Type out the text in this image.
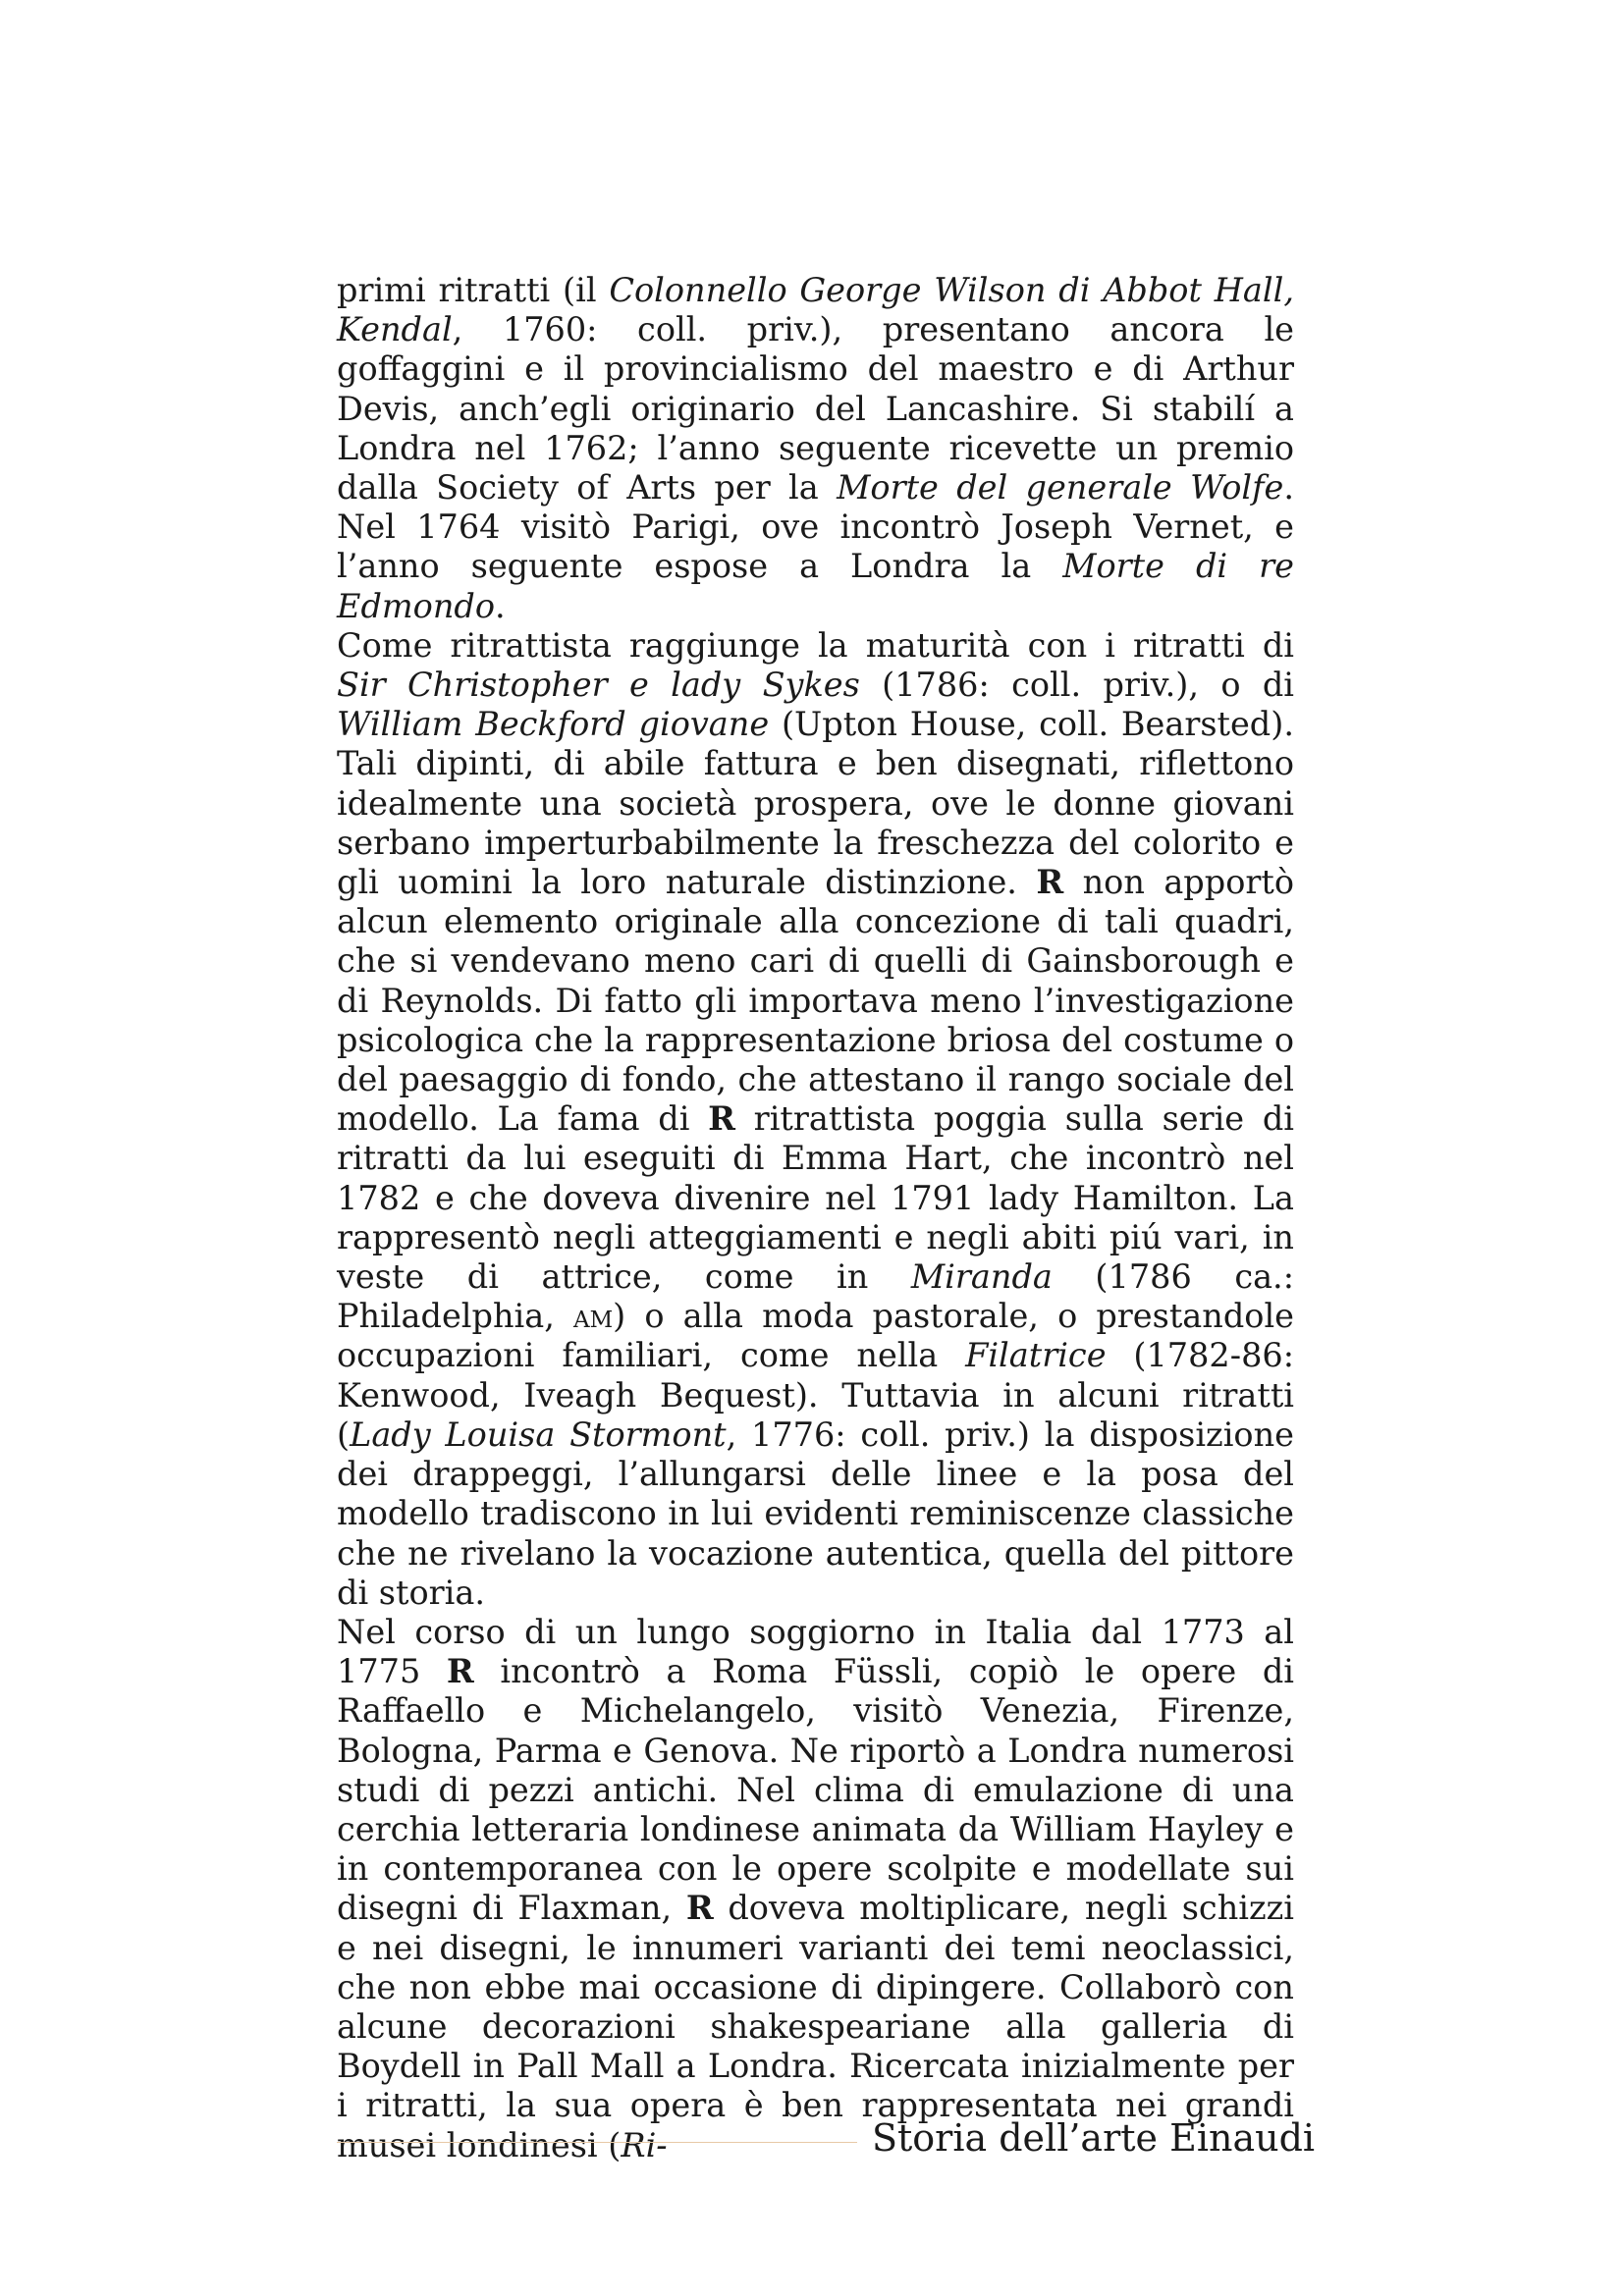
primi ritratti (il Colonnello George Wilson di Abbot Hall, Kendal, 1760: coll. priv.), presentano ancora le goffaggini e il provincialismo del maestro e di Arthur Devis, anch’egli originario del Lancashire. Si stabilí a Londra nel 1762; l’anno seguente ricevette un premio dalla Society of Arts per la Morte del generale Wolfe. Nel 1764 visitò Parigi, ove incontrò Joseph Vernet, e l’anno seguente espose a Londra la Morte di re Edmondo.

Come ritrattista raggiunge la maturità con i ritratti di Sir Christopher e lady Sykes (1786: coll. priv.), o di William Beckford giovane (Upton House, coll. Bearsted). Tali dipinti, di abile fattura e ben disegnati, riflettono idealmente una società prospera, ove le donne giovani serbano imperturbabilmente la freschezza del colorito e gli uomini la loro naturale distinzione. R non apportò alcun elemento originale alla concezione di tali quadri, che si vendevano meno cari di quelli di Gainsborough e di Reynolds. Di fatto gli importava meno l’investigazione psicologica che la rappresentazione briosa del costume o del paesaggio di fondo, che attestano il rango sociale del modello. La fama di R ritrattista poggia sulla serie di ritratti da lui eseguiti di Emma Hart, che incontrò nel 1782 e che doveva divenire nel 1791 lady Hamilton. La rappresentò negli atteggiamenti e negli abiti piú vari, in veste di attrice, come in Miranda (1786 ca.: Philadelphia, am) o alla moda pastorale, o prestandole occupazioni familiari, come nella Filatrice (1782-86: Kenwood, Iveagh Bequest). Tuttavia in alcuni ritratti (Lady Louisa Stormont, 1776: coll. priv.) la disposizione dei drappeggi, l’allungarsi delle linee e la posa del modello tradiscono in lui evidenti reminiscenze classiche che ne rivelano la vocazione autentica, quella del pittore di storia.

Nel corso di un lungo soggiorno in Italia dal 1773 al 1775 R incontrò a Roma Füssli, copiò le opere di Raffaello e Michelangelo, visitò Venezia, Firenze, Bologna, Parma e Genova. Ne riportò a Londra numerosi studi di pezzi antichi. Nel clima di emulazione di una cerchia letteraria londinese animata da William Hayley e in contemporanea con le opere scolpite e modellate sui disegni di Flaxman, R doveva moltiplicare, negli schizzi e nei disegni, le innumeri varianti dei temi neoclassici, che non ebbe mai occasione di dipingere. Collaborò con alcune decorazioni shakespeariane alla galleria di Boydell in Pall Mall a Londra. Ricercata inizialmente per i ritratti, la sua opera è ben rappresentata nei grandi musei londinesi (Ri-	Storia dell’arte Einaudi
